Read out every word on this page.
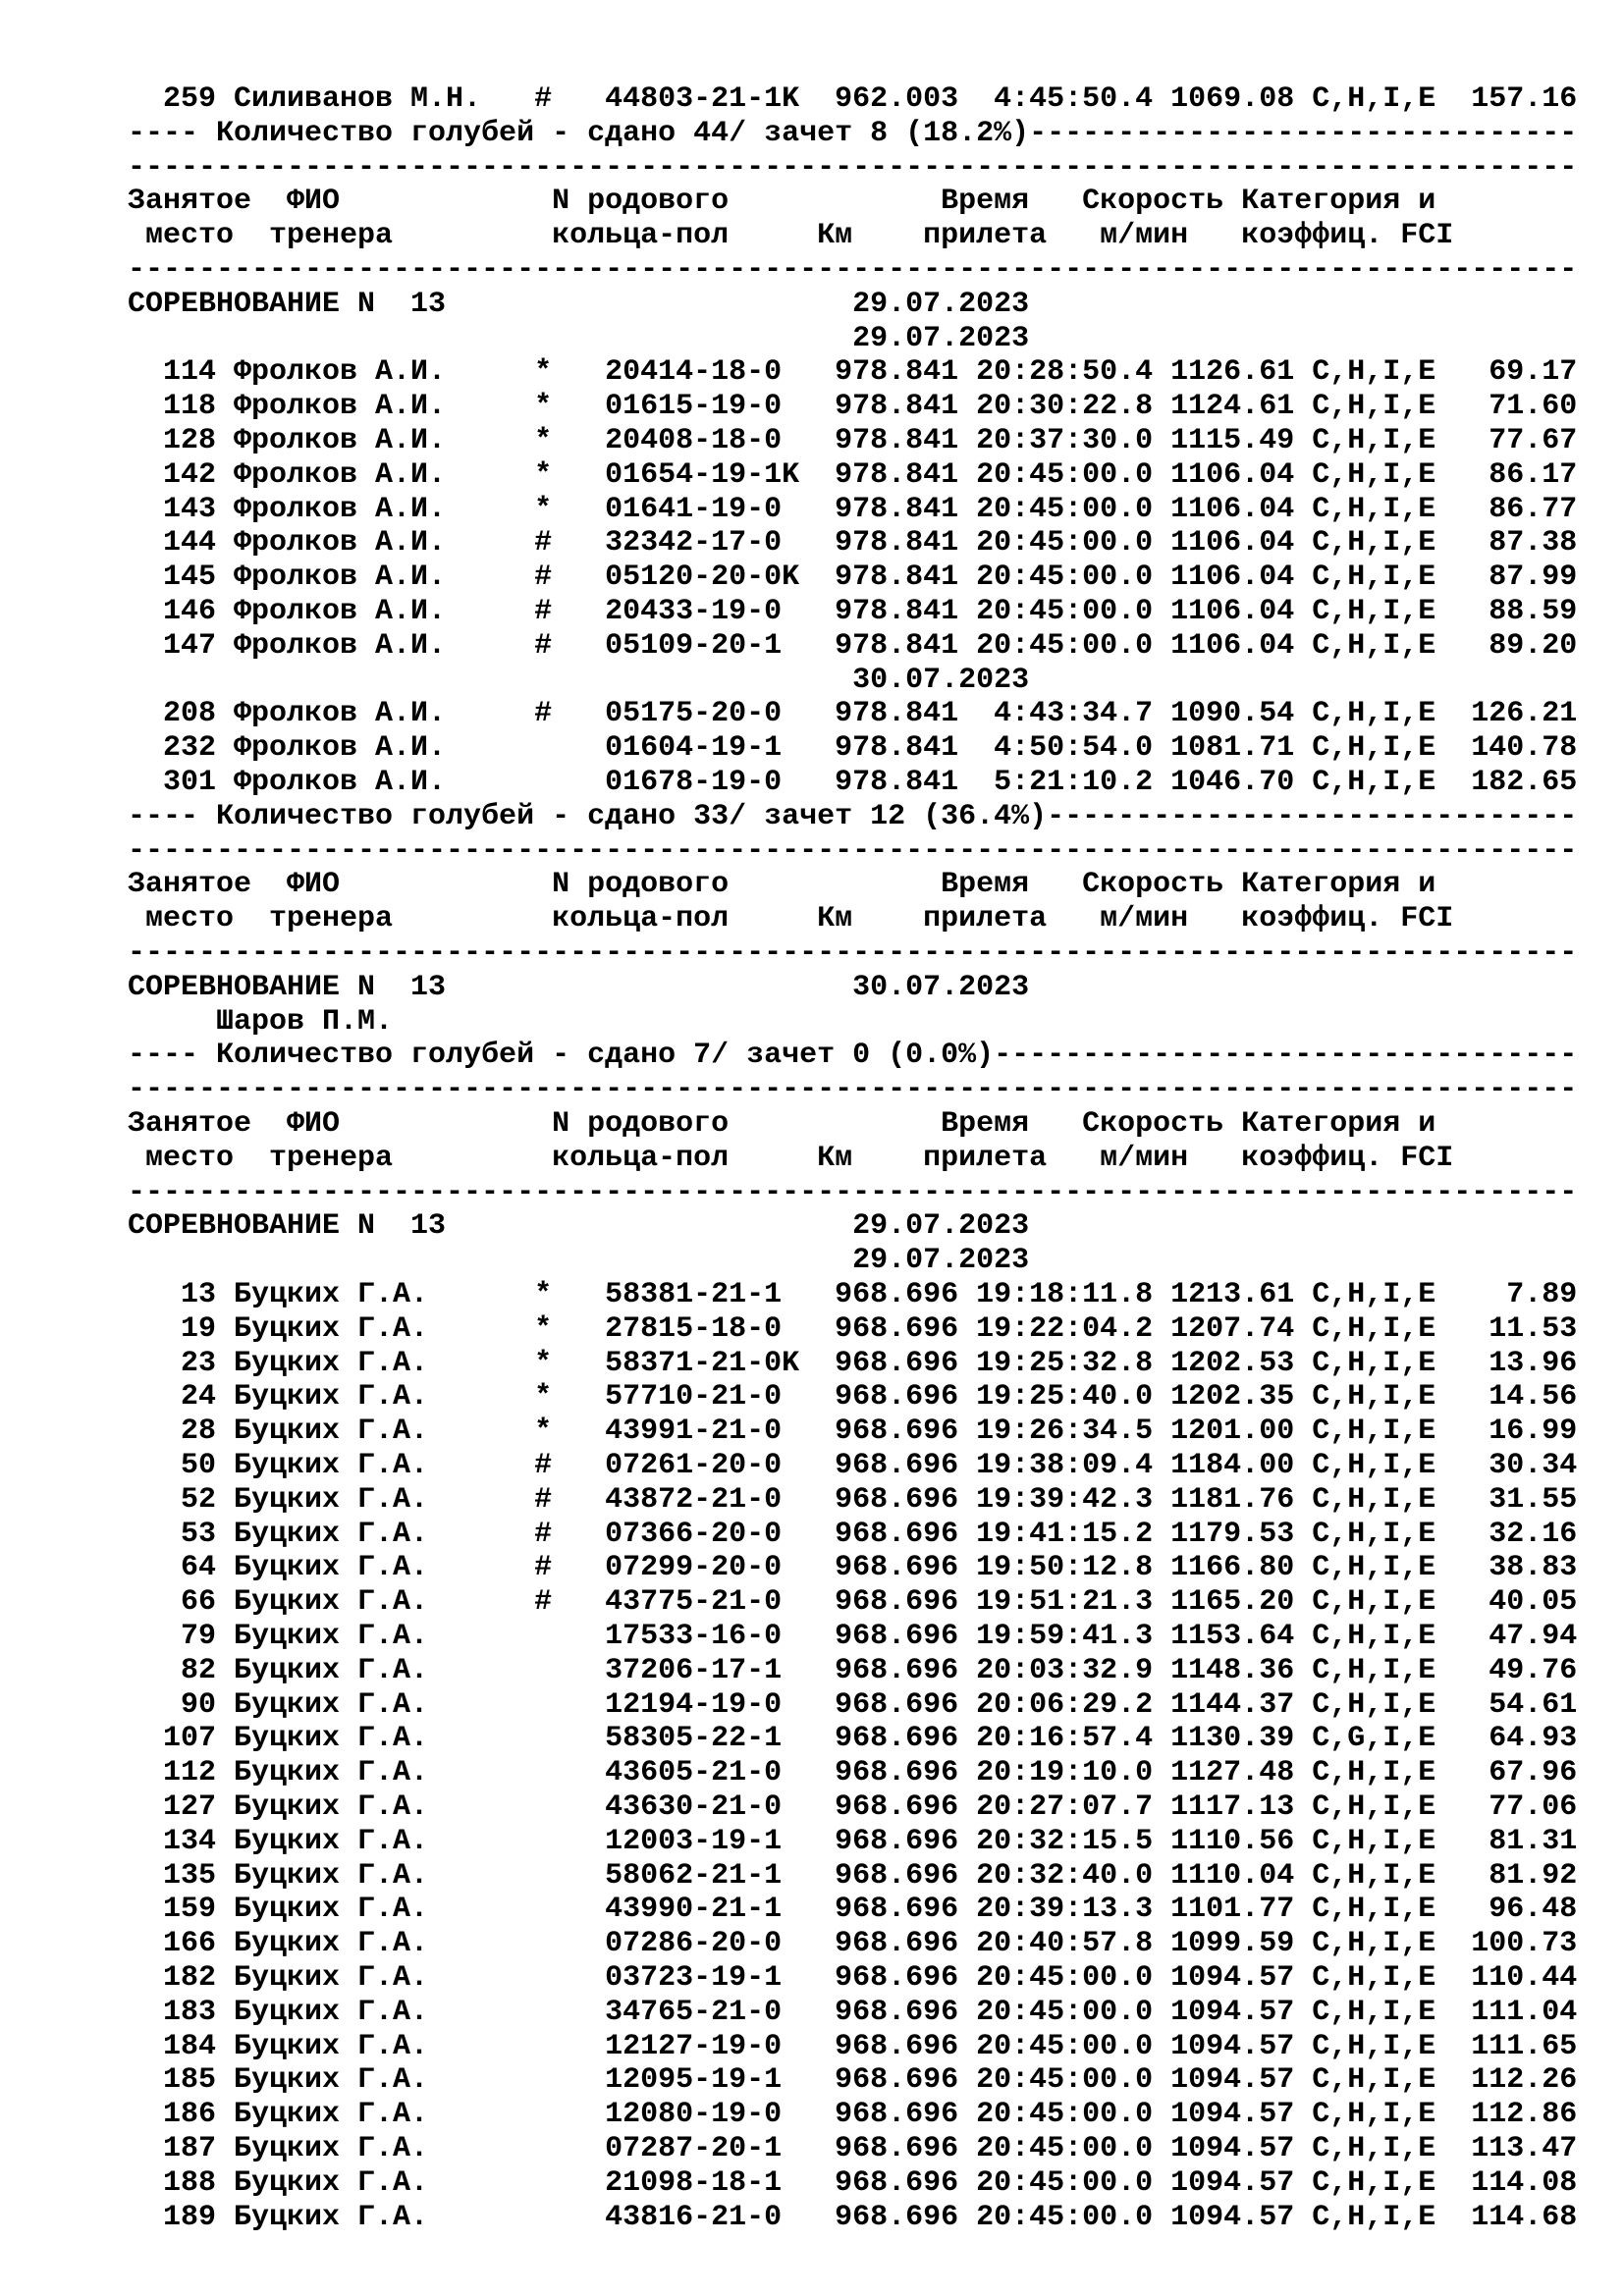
259 Силиванов М.Н.   #   44803-21-1K  962.003  4:45:50.4 1069.08 C,H,I,E  157.16
---- Количество голубей - сдано 44/ зачет 8 (18.2%)-------------------------------
----------------------------------------------------------------------------------
Занятое  ФИО            N родового            Время   Скорость Категория и
место  тренера         кольца-пол     Км    прилета   м/мин   коэффиц. FCI
----------------------------------------------------------------------------------
СОРЕВНОВАНИЕ N  13                       29.07.2023
29.07.2023
114 Фролков А.И.     *   20414-18-0   978.841 20:28:50.4 1126.61 C,H,I,E   69.17
118 Фролков А.И.     *   01615-19-0   978.841 20:30:22.8 1124.61 C,H,I,E   71.60
128 Фролков А.И.     *   20408-18-0   978.841 20:37:30.0 1115.49 C,H,I,E   77.67
142 Фролков А.И.     *   01654-19-1K  978.841 20:45:00.0 1106.04 C,H,I,E   86.17
143 Фролков А.И.     *   01641-19-0   978.841 20:45:00.0 1106.04 C,H,I,E   86.77
144 Фролков А.И.     #   32342-17-0   978.841 20:45:00.0 1106.04 C,H,I,E   87.38
145 Фролков А.И.     #   05120-20-0K  978.841 20:45:00.0 1106.04 C,H,I,E   87.99
146 Фролков А.И.     #   20433-19-0   978.841 20:45:00.0 1106.04 C,H,I,E   88.59
147 Фролков А.И.     #   05109-20-1   978.841 20:45:00.0 1106.04 C,H,I,E   89.20
30.07.2023
208 Фролков А.И.     #   05175-20-0   978.841  4:43:34.7 1090.54 C,H,I,E  126.21
232 Фролков А.И.         01604-19-1   978.841  4:50:54.0 1081.71 C,H,I,E  140.78
301 Фролков А.И.         01678-19-0   978.841  5:21:10.2 1046.70 C,H,I,E  182.65
---- Количество голубей - сдано 33/ зачет 12 (36.4%)------------------------------
----------------------------------------------------------------------------------
Занятое  ФИО            N родового            Время   Скорость Категория и
место  тренера         кольца-пол     Км    прилета   м/мин   коэффиц. FCI
----------------------------------------------------------------------------------
СОРЕВНОВАНИЕ N  13                       30.07.2023
Шаров П.М.
---- Количество голубей - сдано 7/ зачет 0 (0.0%)---------------------------------
----------------------------------------------------------------------------------
Занятое  ФИО            N родового            Время   Скорость Категория и
место  тренера         кольца-пол     Км    прилета   м/мин   коэффиц. FCI
----------------------------------------------------------------------------------
СОРЕВНОВАНИЕ N  13                       29.07.2023
29.07.2023
13 Буцких Г.А.      *   58381-21-1   968.696 19:18:11.8 1213.61 C,H,I,E    7.89
19 Буцких Г.А.      *   27815-18-0   968.696 19:22:04.2 1207.74 C,H,I,E   11.53
23 Буцких Г.А.      *   58371-21-0K  968.696 19:25:32.8 1202.53 C,H,I,E   13.96
24 Буцких Г.А.      *   57710-21-0   968.696 19:25:40.0 1202.35 C,H,I,E   14.56
28 Буцких Г.А.      *   43991-21-0   968.696 19:26:34.5 1201.00 C,H,I,E   16.99
50 Буцких Г.А.      #   07261-20-0   968.696 19:38:09.4 1184.00 C,H,I,E   30.34
52 Буцких Г.А.      #   43872-21-0   968.696 19:39:42.3 1181.76 C,H,I,E   31.55
53 Буцких Г.А.      #   07366-20-0   968.696 19:41:15.2 1179.53 C,H,I,E   32.16
64 Буцких Г.А.      #   07299-20-0   968.696 19:50:12.8 1166.80 C,H,I,E   38.83
66 Буцких Г.А.      #   43775-21-0   968.696 19:51:21.3 1165.20 C,H,I,E   40.05
79 Буцких Г.А.          17533-16-0   968.696 19:59:41.3 1153.64 C,H,I,E   47.94
82 Буцких Г.А.          37206-17-1   968.696 20:03:32.9 1148.36 C,H,I,E   49.76
90 Буцких Г.А.          12194-19-0   968.696 20:06:29.2 1144.37 C,H,I,E   54.61
107 Буцких Г.А.          58305-22-1   968.696 20:16:57.4 1130.39 C,G,I,E   64.93
112 Буцких Г.А.          43605-21-0   968.696 20:19:10.0 1127.48 C,H,I,E   67.96
127 Буцких Г.А.          43630-21-0   968.696 20:27:07.7 1117.13 C,H,I,E   77.06
134 Буцких Г.А.          12003-19-1   968.696 20:32:15.5 1110.56 C,H,I,E   81.31
135 Буцких Г.А.          58062-21-1   968.696 20:32:40.0 1110.04 C,H,I,E   81.92
159 Буцких Г.А.          43990-21-1   968.696 20:39:13.3 1101.77 C,H,I,E   96.48
166 Буцких Г.А.          07286-20-0   968.696 20:40:57.8 1099.59 C,H,I,E  100.73
182 Буцких Г.А.          03723-19-1   968.696 20:45:00.0 1094.57 C,H,I,E  110.44
183 Буцких Г.А.          34765-21-0   968.696 20:45:00.0 1094.57 C,H,I,E  111.04
184 Буцких Г.А.          12127-19-0   968.696 20:45:00.0 1094.57 C,H,I,E  111.65
185 Буцких Г.А.          12095-19-1   968.696 20:45:00.0 1094.57 C,H,I,E  112.26
186 Буцких Г.А.          12080-19-0   968.696 20:45:00.0 1094.57 C,H,I,E  112.86
187 Буцких Г.А.          07287-20-1   968.696 20:45:00.0 1094.57 C,H,I,E  113.47
188 Буцких Г.А.          21098-18-1   968.696 20:45:00.0 1094.57 C,H,I,E  114.08
189 Буцких Г.А.          43816-21-0   968.696 20:45:00.0 1094.57 C,H,I,E  114.68
